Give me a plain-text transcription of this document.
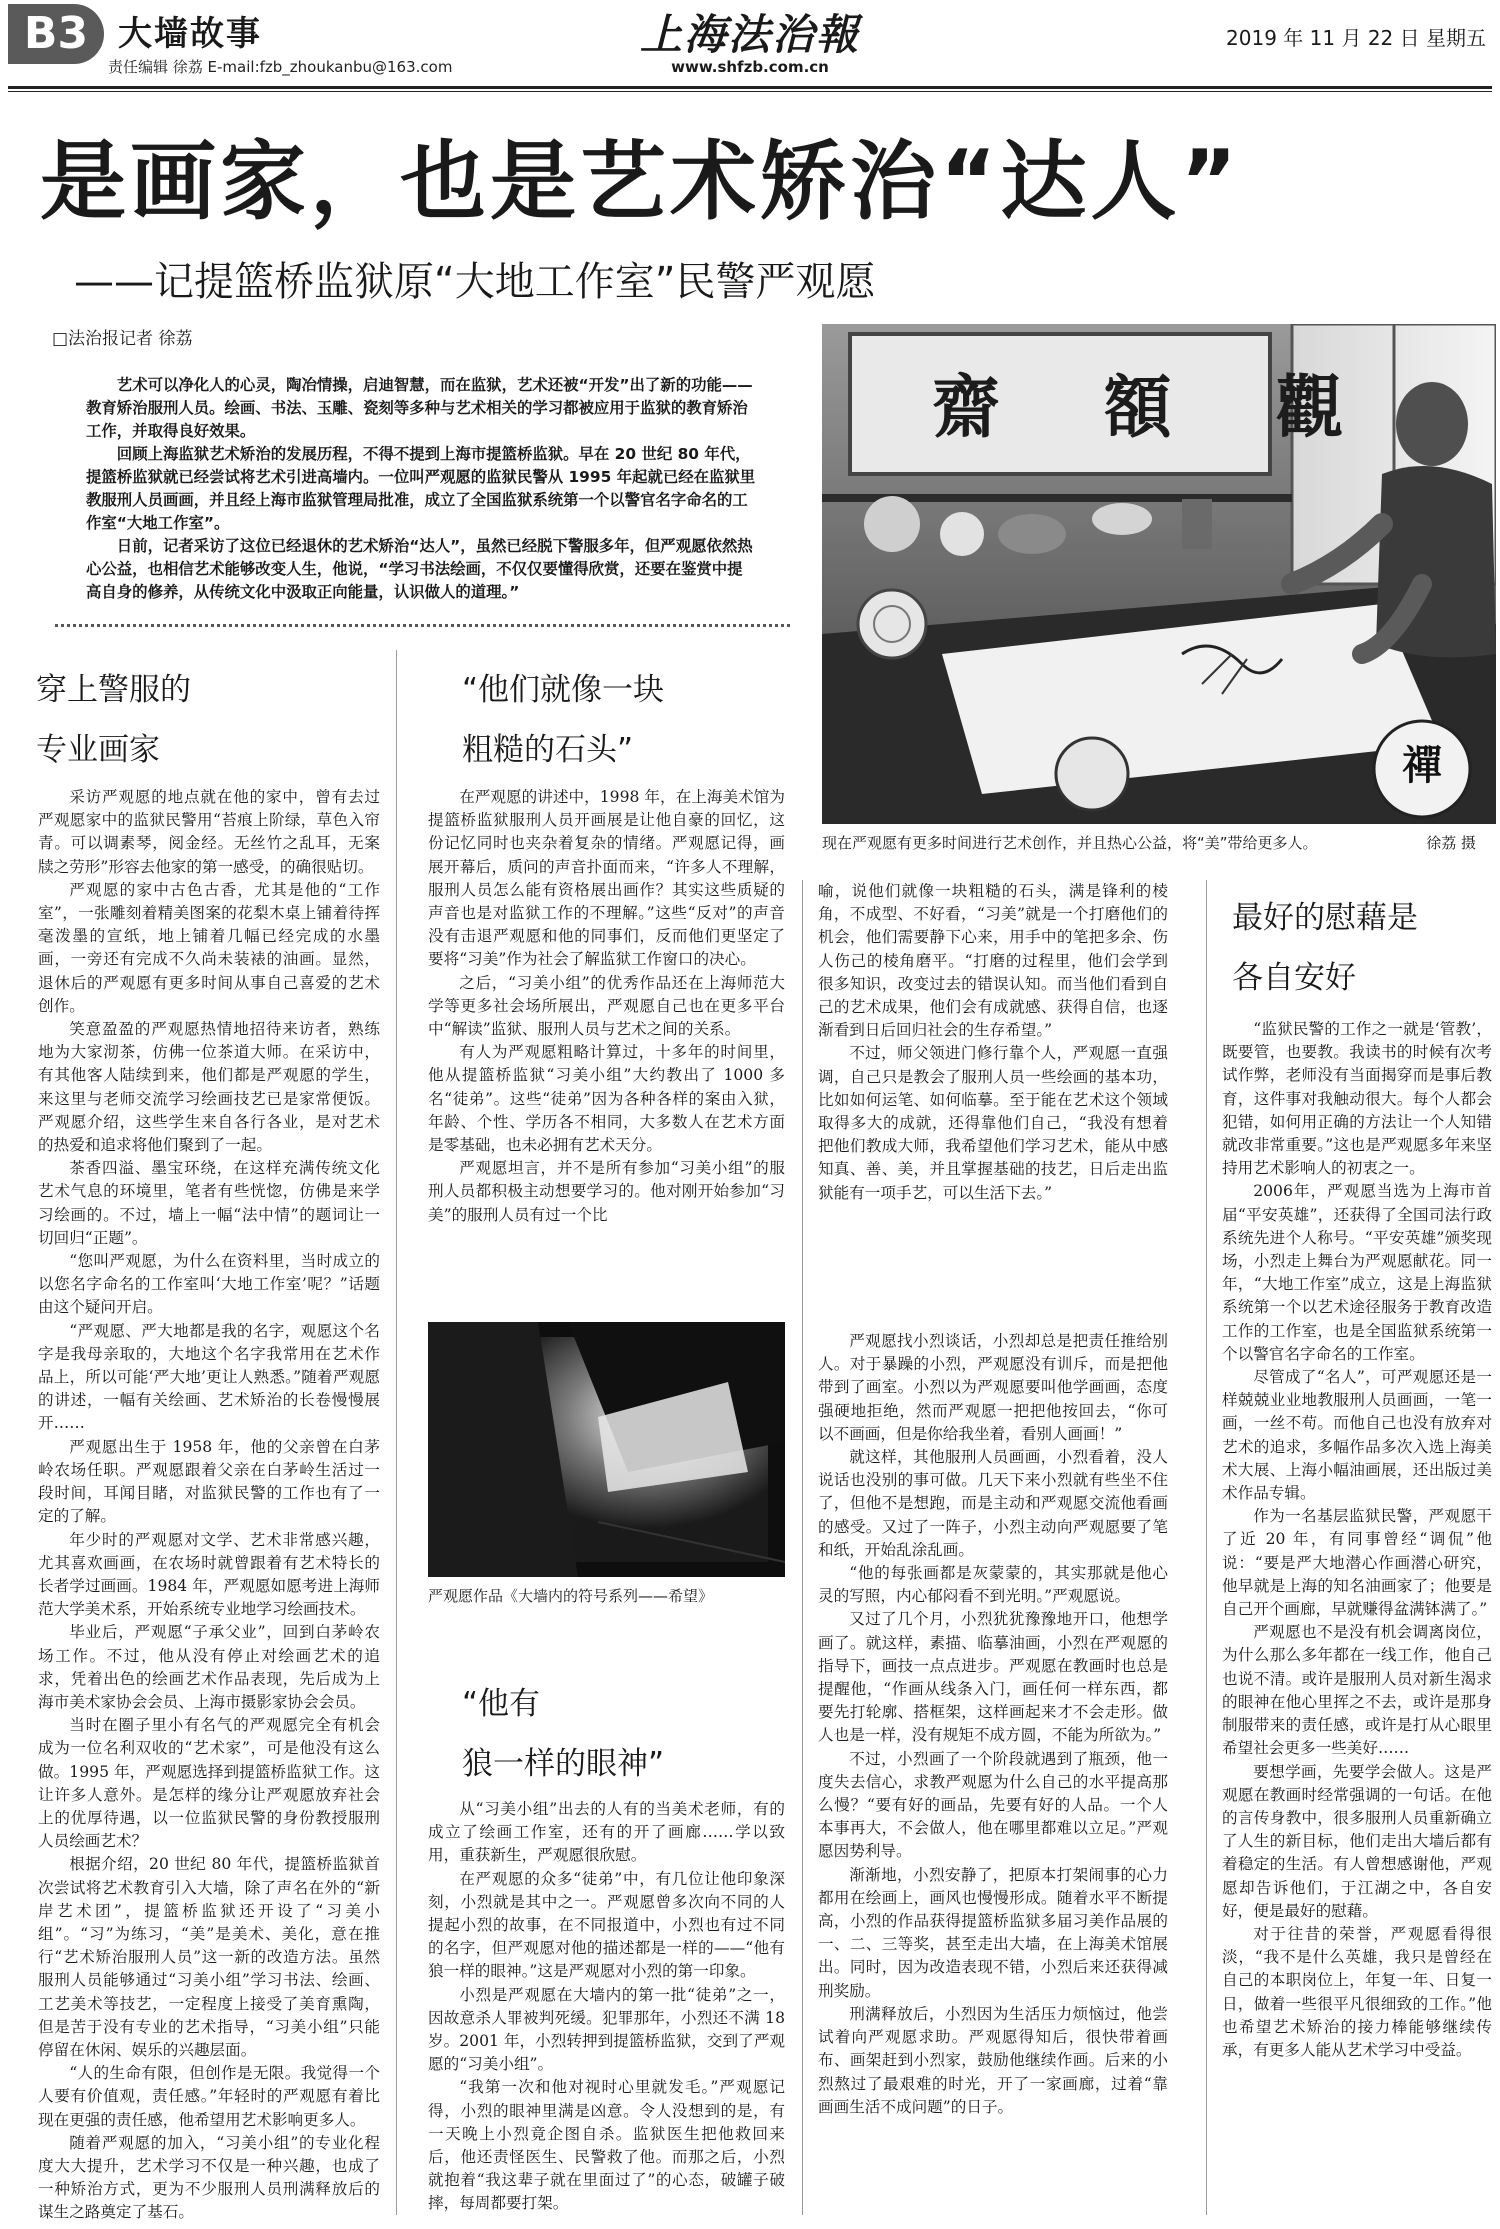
B3 大墙故事
责任编辑 徐荔 E-mail:fzb_zhoukanbu@163.com
上海法治報
www.shfzb.com.cn
2019 年 11 月 22 日 星期五
是画家，也是艺术矫治“达人”
——记提篮桥监狱原“大地工作室”民警严观愿
□法治报记者 徐荔

艺术可以净化人的心灵，陶冶情操，启迪智慧，而在监狱，艺术还被“开发”出了新的功能——教育矫治服刑人员。绘画、书法、玉雕、瓷刻等多种与艺术相关的学习都被应用于监狱的教育矫治工作，并取得良好效果。

回顾上海监狱艺术矫治的发展历程，不得不提到上海市提篮桥监狱。早在 20 世纪 80 年代，提篮桥监狱就已经尝试将艺术引进高墙内。一位叫严观愿的监狱民警从 1995 年起就已经在监狱里教服刑人员画画，并且经上海市监狱管理局批准，成立了全国监狱系统第一个以警官名字命名的工作室“大地工作室”。

日前，记者采访了这位已经退休的艺术矫治“达人”，虽然已经脱下警服多年，但严观愿依然热心公益，也相信艺术能够改变人生，他说，“学习书法绘画，不仅仅要懂得欣赏，还要在鉴赏中提高自身的修养，从传统文化中汲取正向能量，认识做人的道理。”

齋 額 觀
禪
现在严观愿有更多时间进行艺术创作，并且热心公益，将“美”带给更多人。	徐荔 摄
穿上警服的
专业画家

采访严观愿的地点就在他的家中，曾有去过严观愿家中的监狱民警用“苔痕上阶绿，草色入帘青。可以调素琴，阅金经。无丝竹之乱耳，无案牍之劳形”形容去他家的第一感受，的确很贴切。

严观愿的家中古色古香，尤其是他的“工作室”，一张雕刻着精美图案的花梨木桌上铺着待挥毫泼墨的宣纸，地上铺着几幅已经完成的水墨画，一旁还有完成不久尚未装裱的油画。显然，退休后的严观愿有更多时间从事自己喜爱的艺术创作。

笑意盈盈的严观愿热情地招待来访者，熟练地为大家沏茶，仿佛一位茶道大师。在采访中，有其他客人陆续到来，他们都是严观愿的学生，来这里与老师交流学习绘画技艺已是家常便饭。严观愿介绍，这些学生来自各行各业，是对艺术的热爱和追求将他们聚到了一起。

茶香四溢、墨宝环绕，在这样充满传统文化艺术气息的环境里，笔者有些恍惚，仿佛是来学习绘画的。不过，墙上一幅“法中情”的题词让一切回归“正题”。

“您叫严观愿，为什么在资料里，当时成立的以您名字命名的工作室叫‘大地工作室’呢？”话题由这个疑问开启。

“严观愿、严大地都是我的名字，观愿这个名字是我母亲取的，大地这个名字我常用在艺术作品上，所以可能‘严大地’更让人熟悉。”随着严观愿的讲述，一幅有关绘画、艺术矫治的长卷慢慢展开……

严观愿出生于 1958 年，他的父亲曾在白茅岭农场任职。严观愿跟着父亲在白茅岭生活过一段时间，耳闻目睹，对监狱民警的工作也有了一定的了解。

年少时的严观愿对文学、艺术非常感兴趣，尤其喜欢画画，在农场时就曾跟着有艺术特长的长者学过画画。1984 年，严观愿如愿考进上海师范大学美术系，开始系统专业地学习绘画技术。

毕业后，严观愿“子承父业”，回到白茅岭农场工作。不过，他从没有停止对绘画艺术的追求，凭着出色的绘画艺术作品表现，先后成为上海市美术家协会会员、上海市摄影家协会会员。

当时在圈子里小有名气的严观愿完全有机会成为一位名利双收的“艺术家”，可是他没有这么做。1995 年，严观愿选择到提篮桥监狱工作。这让许多人意外。是怎样的缘分让严观愿放弃社会上的优厚待遇，以一位监狱民警的身份教授服刑人员绘画艺术？

根据介绍，20 世纪 80 年代，提篮桥监狱首次尝试将艺术教育引入大墙，除了声名在外的“新岸艺术团”，提篮桥监狱还开设了“习美小组”。“习”为练习，“美”是美术、美化，意在推行“艺术矫治服刑人员”这一新的改造方法。虽然服刑人员能够通过“习美小组”学习书法、绘画、工艺美术等技艺，一定程度上接受了美育熏陶，但是苦于没有专业的艺术指导，“习美小组”只能停留在休闲、娱乐的兴趣层面。

“人的生命有限，但创作是无限。我觉得一个人要有价值观，责任感。”年轻时的严观愿有着比现在更强的责任感，他希望用艺术影响更多人。

随着严观愿的加入，“习美小组”的专业化程度大大提升，艺术学习不仅是一种兴趣，也成了一种矫治方式，更为不少服刑人员刑满释放后的谋生之路奠定了基石。

“他们就像一块
粗糙的石头”

在严观愿的讲述中，1998 年，在上海美术馆为提篮桥监狱服刑人员开画展是让他自豪的回忆，这份记忆同时也夹杂着复杂的情绪。严观愿记得，画展开幕后，质问的声音扑面而来，“许多人不理解，服刑人员怎么能有资格展出画作？其实这些质疑的声音也是对监狱工作的不理解。”这些“反对”的声音没有击退严观愿和他的同事们，反而他们更坚定了要将“习美”作为社会了解监狱工作窗口的决心。

之后，“习美小组”的优秀作品还在上海师范大学等更多社会场所展出，严观愿自己也在更多平台中“解读”监狱、服刑人员与艺术之间的关系。

有人为严观愿粗略计算过，十多年的时间里，他从提篮桥监狱“习美小组”大约教出了 1000 多名“徒弟”。这些“徒弟”因为各种各样的案由入狱，年龄、个性、学历各不相同，大多数人在艺术方面是零基础，也未必拥有艺术天分。

严观愿坦言，并不是所有参加“习美小组”的服刑人员都积极主动想要学习的。他对刚开始参加“习美”的服刑人员有过一个比

严观愿作品《大墙内的符号系列——希望》
“他有
狼一样的眼神”

从“习美小组”出去的人有的当美术老师，有的成立了绘画工作室，还有的开了画廊……学以致用，重获新生，严观愿很欣慰。

在严观愿的众多“徒弟”中，有几位让他印象深刻，小烈就是其中之一。严观愿曾多次向不同的人提起小烈的故事，在不同报道中，小烈也有过不同的名字，但严观愿对他的描述都是一样的——“他有狼一样的眼神。”这是严观愿对小烈的第一印象。

小烈是严观愿在大墙内的第一批“徒弟”之一，因故意杀人罪被判死缓。犯罪那年，小烈还不满 18 岁。2001 年，小烈转押到提篮桥监狱，交到了严观愿的“习美小组”。

“我第一次和他对视时心里就发毛。”严观愿记得，小烈的眼神里满是凶意。令人没想到的是，有一天晚上小烈竟企图自杀。监狱医生把他救回来后，他还责怪医生、民警救了他。而那之后，小烈就抱着“我这辈子就在里面过了”的心态，破罐子破摔，每周都要打架。

喻，说他们就像一块粗糙的石头，满是锋利的棱角，不成型、不好看，“习美”就是一个打磨他们的机会，他们需要静下心来，用手中的笔把多余、伤人伤己的棱角磨平。“打磨的过程里，他们会学到很多知识，改变过去的错误认知。而当他们看到自己的艺术成果，他们会有成就感、获得自信，也逐渐看到日后回归社会的生存希望。”

不过，师父领进门修行靠个人，严观愿一直强调，自己只是教会了服刑人员一些绘画的基本功，比如如何运笔、如何临摹。至于能在艺术这个领域取得多大的成就，还得靠他们自己，“我没有想着把他们教成大师，我希望他们学习艺术，能从中感知真、善、美，并且掌握基础的技艺，日后走出监狱能有一项手艺，可以生活下去。”

严观愿找小烈谈话，小烈却总是把责任推给别人。对于暴躁的小烈，严观愿没有训斥，而是把他带到了画室。小烈以为严观愿要叫他学画画，态度强硬地拒绝，然而严观愿一把把他按回去，“你可以不画画，但是你给我坐着，看别人画画！”

就这样，其他服刑人员画画，小烈看着，没人说话也没别的事可做。几天下来小烈就有些坐不住了，但他不是想跑，而是主动和严观愿交流他看画的感受。又过了一阵子，小烈主动向严观愿要了笔和纸，开始乱涂乱画。

“他的每张画都是灰蒙蒙的，其实那就是他心灵的写照，内心郁闷看不到光明。”严观愿说。

又过了几个月，小烈犹犹豫豫地开口，他想学画了。就这样，素描、临摹油画，小烈在严观愿的指导下，画技一点点进步。严观愿在教画时也总是提醒他，“作画从线条入门，画任何一样东西，都要先打轮廓、搭框架，这样画起来才不会走形。做人也是一样，没有规矩不成方圆，不能为所欲为。”

不过，小烈画了一个阶段就遇到了瓶颈，他一度失去信心，求教严观愿为什么自己的水平提高那么慢？“要有好的画品，先要有好的人品。一个人本事再大，不会做人，他在哪里都难以立足。”严观愿因势利导。

渐渐地，小烈安静了，把原本打架闹事的心力都用在绘画上，画风也慢慢形成。随着水平不断提高，小烈的作品获得提篮桥监狱多届习美作品展的一、二、三等奖，甚至走出大墙，在上海美术馆展出。同时，因为改造表现不错，小烈后来还获得减刑奖励。

刑满释放后，小烈因为生活压力烦恼过，他尝试着向严观愿求助。严观愿得知后，很快带着画布、画架赶到小烈家，鼓励他继续作画。后来的小烈熬过了最艰难的时光，开了一家画廊，过着“靠画画生活不成问题”的日子。

最好的慰藉是
各自安好

“监狱民警的工作之一就是‘管教’，既要管，也要教。我读书的时候有次考试作弊，老师没有当面揭穿而是事后教育，这件事对我触动很大。每个人都会犯错，如何用正确的方法让一个人知错就改非常重要。”这也是严观愿多年来坚持用艺术影响人的初衷之一。

2006年，严观愿当选为上海市首届“平安英雄”，还获得了全国司法行政系统先进个人称号。“平安英雄”颁奖现场，小烈走上舞台为严观愿献花。同一年，“大地工作室”成立，这是上海监狱系统第一个以艺术途径服务于教育改造工作的工作室，也是全国监狱系统第一个以警官名字命名的工作室。

尽管成了“名人”，可严观愿还是一样兢兢业业地教服刑人员画画，一笔一画，一丝不苟。而他自己也没有放弃对艺术的追求，多幅作品多次入选上海美术大展、上海小幅油画展，还出版过美术作品专辑。

作为一名基层监狱民警，严观愿干了近 20 年，有同事曾经“调侃”他说：“要是严大地潜心作画潜心研究，他早就是上海的知名油画家了；他要是自己开个画廊，早就赚得盆满钵满了。”

严观愿也不是没有机会调离岗位，为什么那么多年都在一线工作，他自己也说不清。或许是服刑人员对新生渴求的眼神在他心里挥之不去，或许是那身制服带来的责任感，或许是打从心眼里希望社会更多一些美好……

要想学画，先要学会做人。这是严观愿在教画时经常强调的一句话。在他的言传身教中，很多服刑人员重新确立了人生的新目标，他们走出大墙后都有着稳定的生活。有人曾想感谢他，严观愿却告诉他们，于江湖之中，各自安好，便是最好的慰藉。

对于往昔的荣誉，严观愿看得很淡，“我不是什么英雄，我只是曾经在自己的本职岗位上，年复一年、日复一日，做着一些很平凡很细致的工作。”他也希望艺术矫治的接力棒能够继续传承，有更多人能从艺术学习中受益。
